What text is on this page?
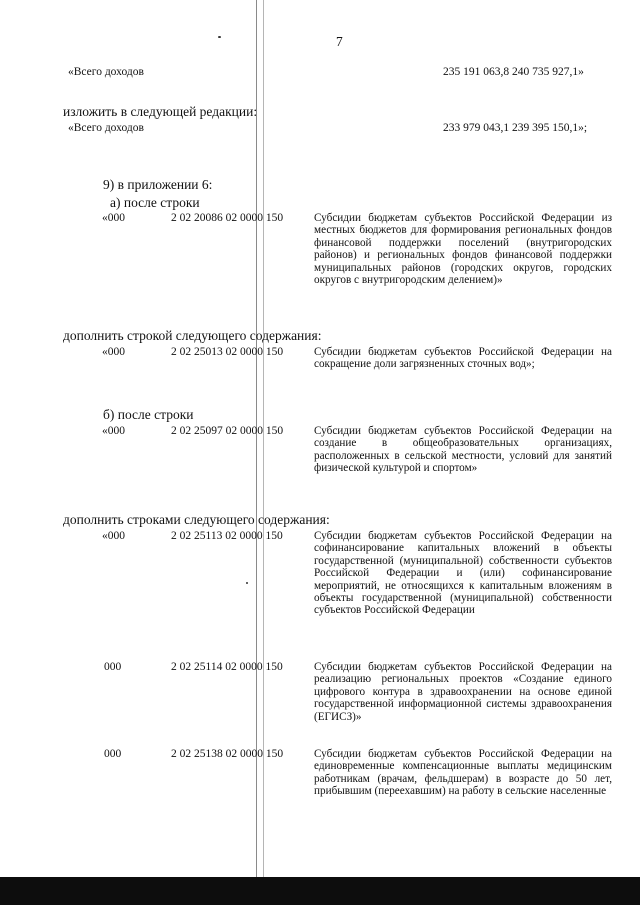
7
«Всего доходов	235 191 063,8 240 735 927,1»
изложить в следующей редакции:
«Всего доходов	233 979 043,1 239 395 150,1»;
9) в приложении 6:
а) после строки
«000	2 02 20086 02 0000 150	Субсидии бюджетам субъектов Российской Федерации из местных бюджетов для формирования региональных фондов финансовой поддержки поселений (внутригородских районов) и региональных фондов финансовой поддержки муниципальных районов (городских округов, городских округов с внутригородским делением)»
дополнить строкой следующего содержания:
«000	2 02 25013 02 0000 150	Субсидии бюджетам субъектов Российской Федерации на сокращение доли загрязненных сточных вод»;
б) после строки
«000	2 02 25097 02 0000 150	Субсидии бюджетам субъектов Российской Федерации на создание в общеобразовательных организациях, расположенных в сельской местности, условий для занятий физической культурой и спортом»
дополнить строками следующего содержания:
«000	2 02 25113 02 0000 150	Субсидии бюджетам субъектов Российской Федерации на софинансирование капитальных вложений в объекты государственной (муниципальной) собственности субъектов Российской Федерации и (или) софинансирование мероприятий, не относящихся к капитальным вложениям в объекты государственной (муниципальной) собственности субъектов Российской Федерации
000	2 02 25114 02 0000 150	Субсидии бюджетам субъектов Российской Федерации на реализацию региональных проектов «Создание единого цифрового контура в здравоохранении на основе единой государственной информационной системы здравоохранения (ЕГИСЗ)»
000	2 02 25138 02 0000 150	Субсидии бюджетам субъектов Российской Федерации на единовременные компенсационные выплаты медицинским работникам (врачам, фельдшерам) в возрасте до 50 лет, прибывшим (переехавшим) на работу в сельские населенные
